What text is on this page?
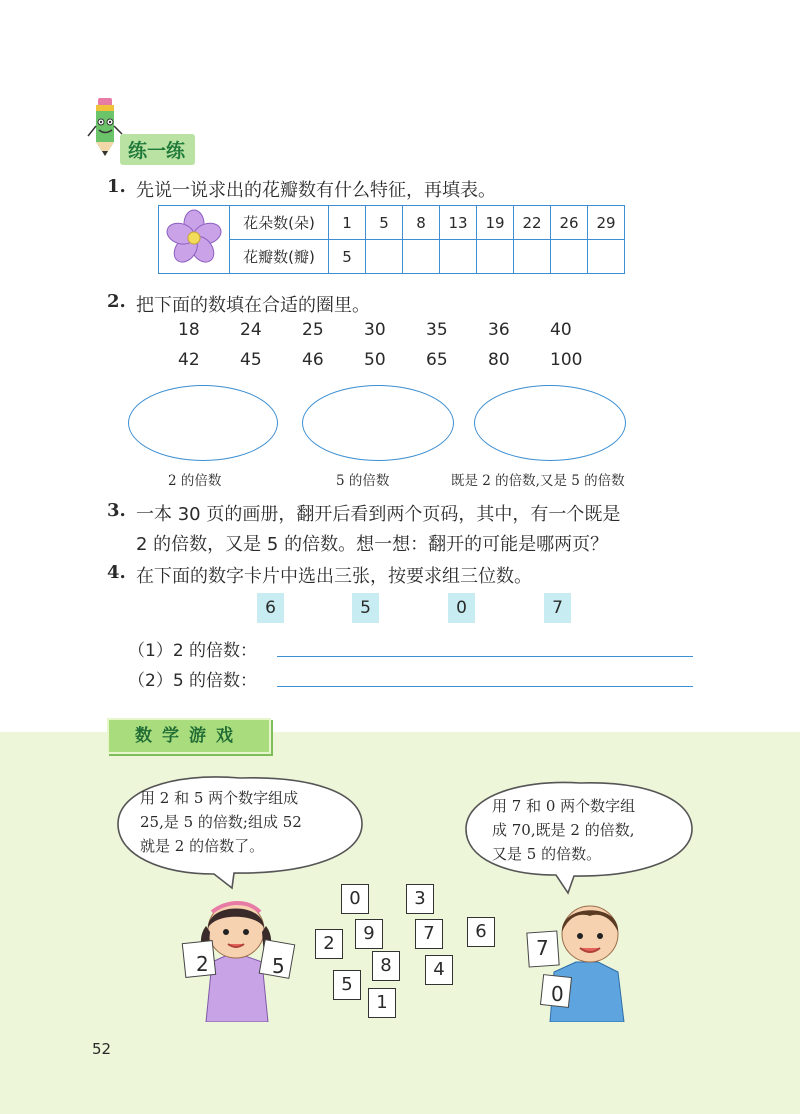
练一练
1. 先说一说求出的花瓣数有什么特征，再填表。
	花朵数(朵)	1	5	8	13	19	22	26	29
	花瓣数(瓣)	5							
2. 把下面的数填在合适的圈里。
18 24 25 30 35 36 40
42 45 46 50 65 80 100
2 的倍数	5 的倍数	既是 2 的倍数,又是 5 的倍数
3. 一本 30 页的画册，翻开后看到两个页码，其中，有一个既是
2 的倍数，又是 5 的倍数。想一想：翻开的可能是哪两页？
4. 在下面的数字卡片中选出三张，按要求组三位数。
6	5	0	7
（1）2 的倍数：
（2）5 的倍数：
数学游戏
用 2 和 5 两个数字组成
25,是 5 的倍数;组成 52
就是 2 的倍数了。
用 7 和 0 两个数字组
成 70,既是 2 的倍数,
又是 5 的倍数。
0	3
2	9	7	6
8	4
5
1
2	5
7
0
52
